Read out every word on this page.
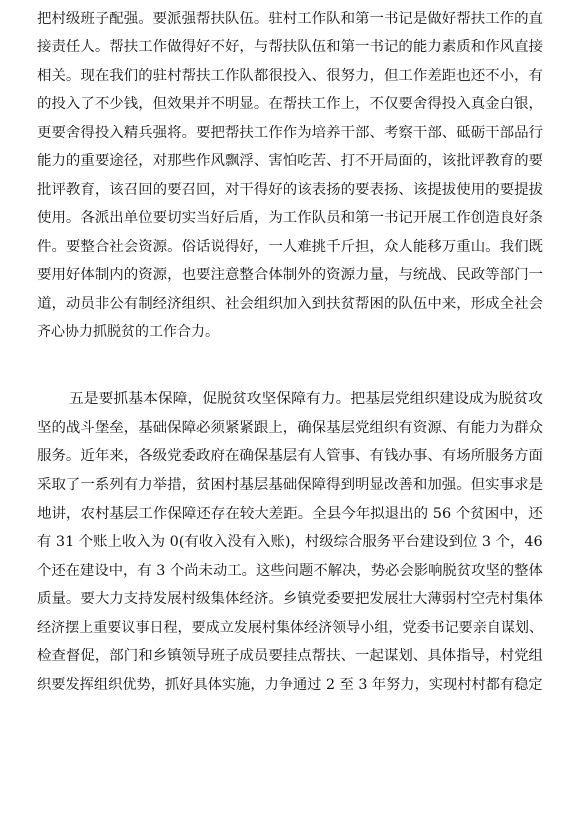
把村级班子配强。要派强帮扶队伍。驻村工作队和第一书记是做好帮扶工作的直
接责任人。帮扶工作做得好不好，与帮扶队伍和第一书记的能力素质和作风直接
相关。现在我们的驻村帮扶工作队都很投入、很努力，但工作差距也还不小，有
的投入了不少钱，但效果并不明显。在帮扶工作上，不仅要舍得投入真金白银，
更要舍得投入精兵强将。要把帮扶工作作为培养干部、考察干部、砥砺干部品行
能力的重要途径，对那些作风飘浮、害怕吃苦、打不开局面的，该批评教育的要
批评教育，该召回的要召回，对干得好的该表扬的要表扬、该提拔使用的要提拔
使用。各派出单位要切实当好后盾，为工作队员和第一书记开展工作创造良好条
件。要整合社会资源。俗话说得好，一人难挑千斤担，众人能移万重山。我们既
要用好体制内的资源，也要注意整合体制外的资源力量，与统战、民政等部门一
道，动员非公有制经济组织、社会组织加入到扶贫帮困的队伍中来，形成全社会
齐心协力抓脱贫的工作合力。
五是要抓基本保障，促脱贫攻坚保障有力。把基层党组织建设成为脱贫攻
坚的战斗堡垒，基础保障必须紧紧跟上，确保基层党组织有资源、有能力为群众
服务。近年来，各级党委政府在确保基层有人管事、有钱办事、有场所服务方面
采取了一系列有力举措，贫困村基层基础保障得到明显改善和加强。但实事求是
地讲，农村基层工作保障还存在较大差距。全县今年拟退出的 56 个贫困中，还
有 31 个账上收入为 0(有收入没有入账)，村级综合服务平台建设到位 3 个，46
个还在建设中，有 3 个尚未动工。这些问题不解决，势必会影响脱贫攻坚的整体
质量。要大力支持发展村级集体经济。乡镇党委要把发展壮大薄弱村空壳村集体
经济摆上重要议事日程，要成立发展村集体经济领导小组，党委书记要亲自谋划、
检查督促，部门和乡镇领导班子成员要挂点帮扶、一起谋划、具体指导，村党组
织要发挥组织优势，抓好具体实施，力争通过 2 至 3 年努力，实现村村都有稳定
